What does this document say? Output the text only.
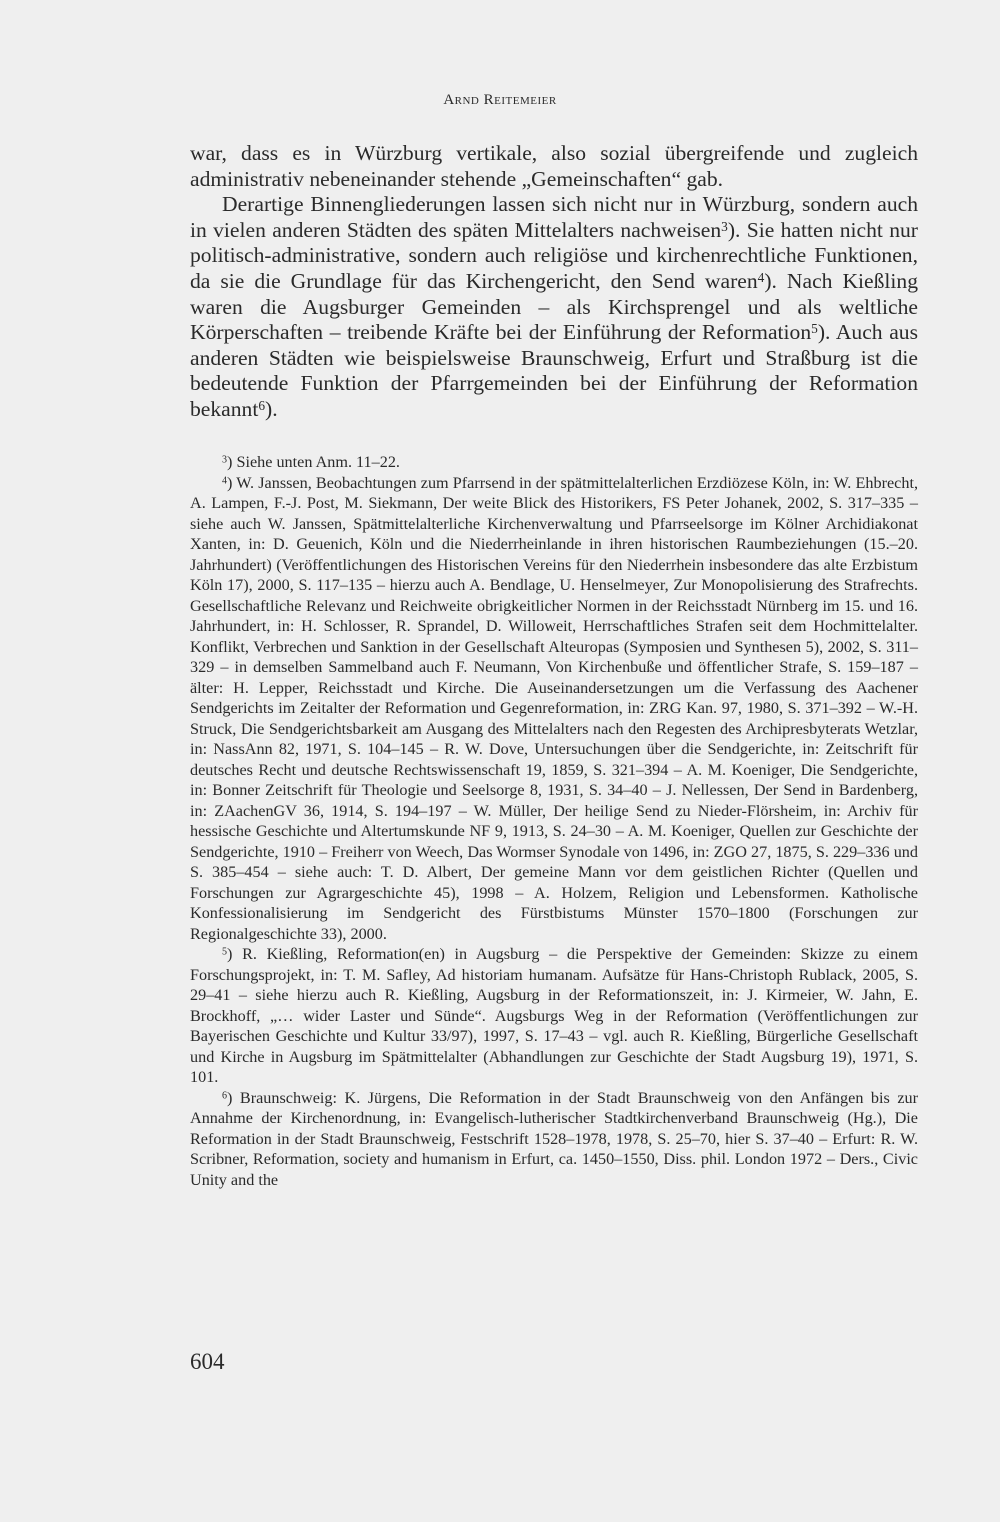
Arnd Reitemeier

war, dass es in Würzburg vertikale, also sozial übergreifende und zugleich administrativ nebeneinander stehende „Gemeinschaften“ gab.

Derartige Binnengliederungen lassen sich nicht nur in Würzburg, sondern auch in vielen anderen Städten des späten Mittelalters nachweisen$^3$). Sie hatten nicht nur politisch-administrative, sondern auch religiöse und kirchenrechtliche Funktionen, da sie die Grundlage für das Kirchengericht, den Send waren$^4$). Nach Kießling waren die Augsburger Gemeinden – als Kirchsprengel und als weltliche Körperschaften – treibende Kräfte bei der Einführung der Reformation$^5$). Auch aus anderen Städten wie beispielsweise Braunschweig, Erfurt und Straßburg ist die bedeutende Funktion der Pfarrgemeinden bei der Einführung der Reformation bekannt$^6$).

$^3$) Siehe unten Anm. 11–22.

$^4$) W. Janssen, Beobachtungen zum Pfarrsend in der spätmittelalterlichen Erzdiözese Köln, in: W. Ehbrecht, A. Lampen, F.-J. Post, M. Siekmann, Der weite Blick des Historikers, FS Peter Johanek, 2002, S. 317–335 – siehe auch W. Janssen, Spätmittelalterliche Kirchenverwaltung und Pfarrseelsorge im Kölner Archidiakonat Xanten, in: D. Geuenich, Köln und die Niederrheinlande in ihren historischen Raumbeziehungen (15.–20. Jahrhundert) (Veröffentlichungen des Historischen Vereins für den Niederrhein insbesondere das alte Erzbistum Köln 17), 2000, S. 117–135 – hierzu auch A. Bendlage, U. Henselmeyer, Zur Monopolisierung des Strafrechts. Gesellschaftliche Relevanz und Reichweite obrigkeitlicher Normen in der Reichsstadt Nürnberg im 15. und 16. Jahrhundert, in: H. Schlosser, R. Sprandel, D. Willoweit, Herrschaftliches Strafen seit dem Hochmittelalter. Konflikt, Verbrechen und Sanktion in der Gesellschaft Alteuropas (Symposien und Synthesen 5), 2002, S. 311–329 – in demselben Sammelband auch F. Neumann, Von Kirchenbuße und öffentlicher Strafe, S. 159–187 – älter: H. Lepper, Reichsstadt und Kirche. Die Auseinandersetzungen um die Verfassung des Aachener Sendgerichts im Zeitalter der Reformation und Gegenreformation, in: ZRG Kan. 97, 1980, S. 371–392 – W.-H. Struck, Die Sendgerichtsbarkeit am Ausgang des Mittelalters nach den Regesten des Archipresbyterats Wetzlar, in: NassAnn 82, 1971, S. 104–145 – R. W. Dove, Untersuchungen über die Sendgerichte, in: Zeitschrift für deutsches Recht und deutsche Rechtswissenschaft 19, 1859, S. 321–394 – A. M. Koeniger, Die Sendgerichte, in: Bonner Zeitschrift für Theologie und Seelsorge 8, 1931, S. 34–40 – J. Nellessen, Der Send in Bardenberg, in: ZAachenGV 36, 1914, S. 194–197 – W. Müller, Der heilige Send zu Nieder-Flörsheim, in: Archiv für hessische Geschichte und Altertumskunde NF 9, 1913, S. 24–30 – A. M. Koeniger, Quellen zur Geschichte der Sendgerichte, 1910 – Freiherr von Weech, Das Wormser Synodale von 1496, in: ZGO 27, 1875, S. 229–336 und S. 385–454 – siehe auch: T. D. Albert, Der gemeine Mann vor dem geistlichen Richter (Quellen und Forschungen zur Agrargeschichte 45), 1998 – A. Holzem, Religion und Lebensformen. Katholische Konfessionalisierung im Sendgericht des Fürstbistums Münster 1570–1800 (Forschungen zur Regionalgeschichte 33), 2000.

$^5$) R. Kießling, Reformation(en) in Augsburg – die Perspektive der Gemeinden: Skizze zu einem Forschungsprojekt, in: T. M. Safley, Ad historiam humanam. Aufsätze für Hans-Christoph Rublack, 2005, S. 29–41 – siehe hierzu auch R. Kießling, Augsburg in der Reformationszeit, in: J. Kirmeier, W. Jahn, E. Brockhoff, „… wider Laster und Sünde“. Augsburgs Weg in der Reformation (Veröffentlichungen zur Bayerischen Geschichte und Kultur 33/97), 1997, S. 17–43 – vgl. auch R. Kießling, Bürgerliche Gesellschaft und Kirche in Augsburg im Spätmittelalter (Abhandlungen zur Geschichte der Stadt Augsburg 19), 1971, S. 101.

$^6$) Braunschweig: K. Jürgens, Die Reformation in der Stadt Braunschweig von den Anfängen bis zur Annahme der Kirchenordnung, in: Evangelisch-lutherischer Stadtkirchenverband Braunschweig (Hg.), Die Reformation in der Stadt Braunschweig, Festschrift 1528–1978, 1978, S. 25–70, hier S. 37–40 – Erfurt: R. W. Scribner, Reformation, society and humanism in Erfurt, ca. 1450–1550, Diss. phil. London 1972 – Ders., Civic Unity and the

604
